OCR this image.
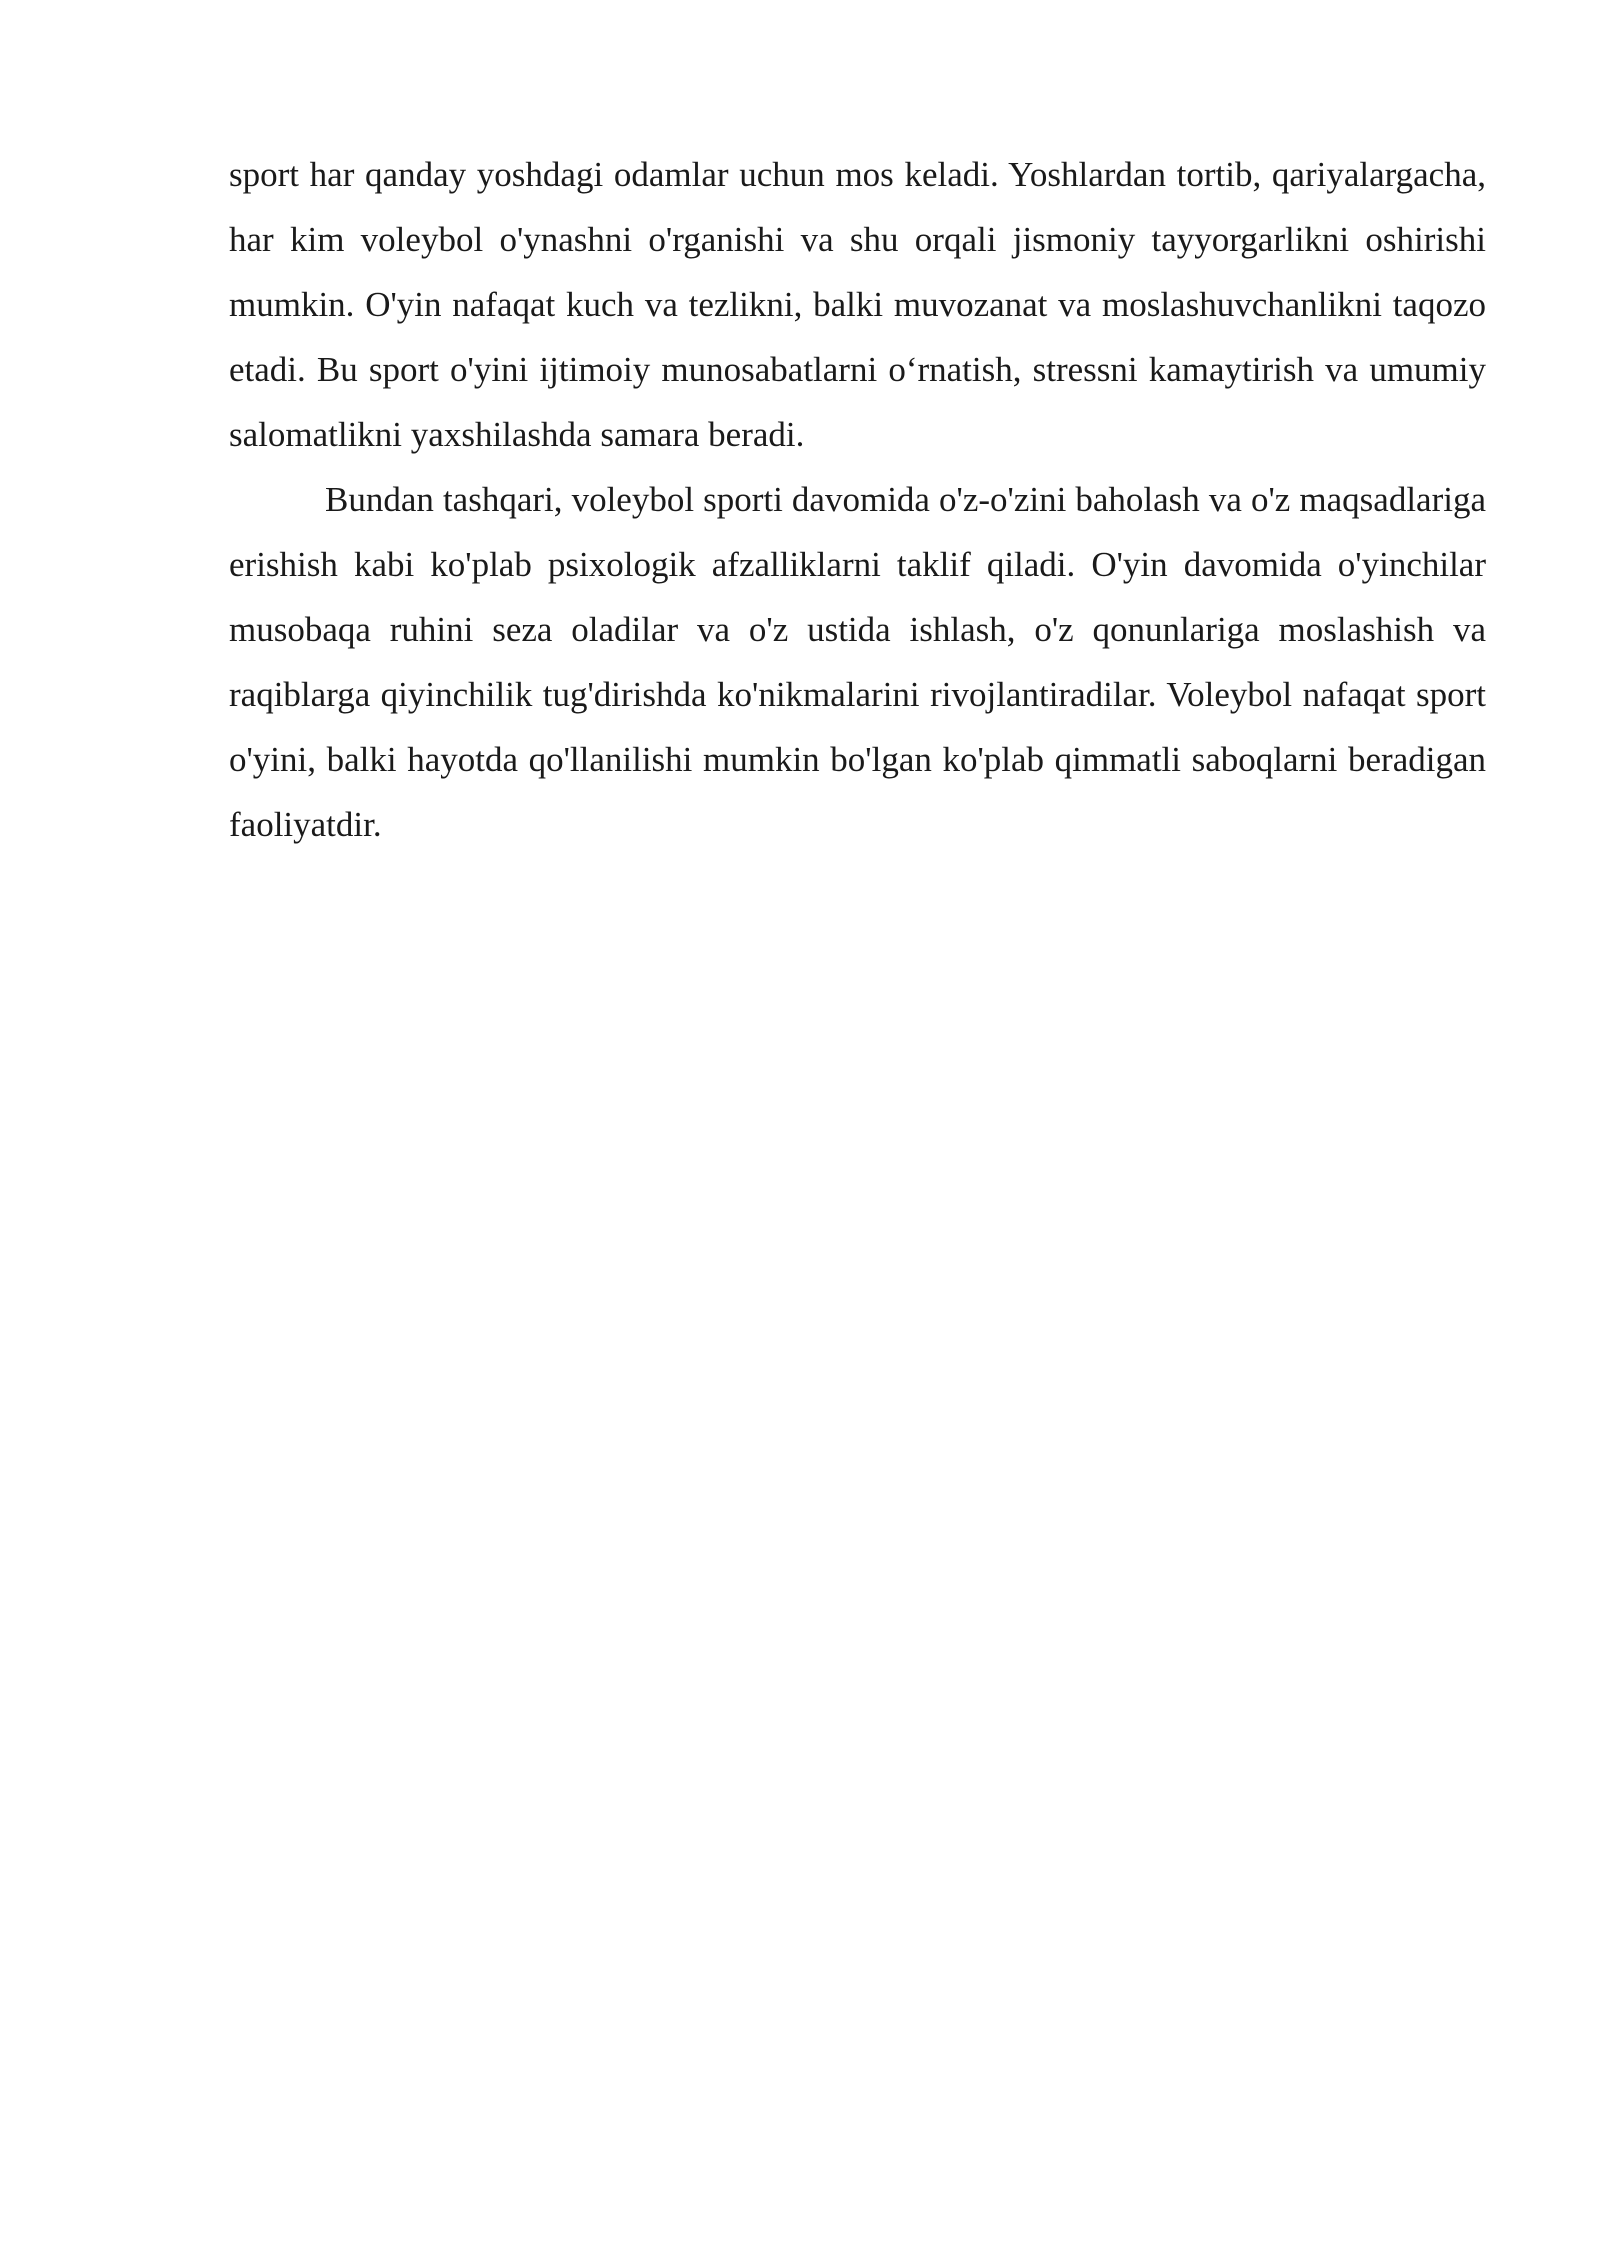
sport har qanday yoshdagi odamlar uchun mos keladi. Yoshlardan tortib, qariyalargacha, har kim voleybol o'ynashni o'rganishi va shu orqali jismoniy tayyorgarlikni oshirishi mumkin. O'yin nafaqat kuch va tezlikni, balki muvozanat va moslashuvchanlikni taqozo etadi. Bu sport o'yini ijtimoiy munosabatlarni o‘rnatish, stressni kamaytirish va umumiy salomatlikni yaxshilashda samara beradi.

Bundan tashqari, voleybol sporti davomida o'z-o'zini baholash va o'z maqsadlariga erishish kabi ko'plab psixologik afzalliklarni taklif qiladi. O'yin davomida o'yinchilar musobaqa ruhini seza oladilar va o'z ustida ishlash, o'z qonunlariga moslashish va raqiblarga qiyinchilik tug'dirishda ko'nikmalarini rivojlantiradilar. Voleybol nafaqat sport o'yini, balki hayotda qo'llanilishi mumkin bo'lgan ko'plab qimmatli saboqlarni beradigan faoliyatdir.
